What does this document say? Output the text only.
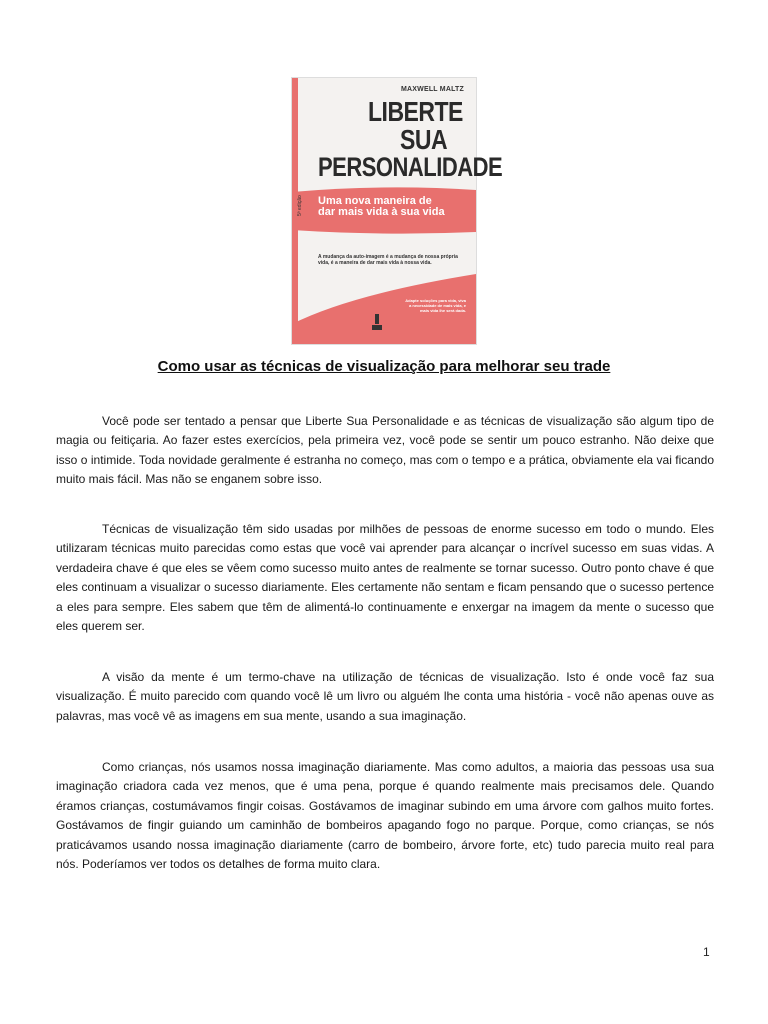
MAXWELL MALTZ
LIBERTE
SUA
PERSONALIDADE
Uma nova maneira de
dar mais vida à sua vida
5ª edição
A mudança da auto-imagem é a mudança de nossa própria vida, é a maneira de dar mais vida à nossa vida.
Adapte soluções para vida, viva a necessidade de mais vida, e mais vida lhe será dada.
Como usar as técnicas de visualização para melhorar seu trade

Você pode ser tentado a pensar que Liberte Sua Personalidade e as técnicas de visualização são algum tipo de magia ou feitiçaria. Ao fazer estes exercícios, pela primeira vez, você pode se sentir um pouco estranho. Não deixe que isso o intimide. Toda novidade geralmente é estranha no começo, mas com o tempo e a prática, obviamente ela vai ficando muito mais fácil. Mas não se enganem sobre isso.

Técnicas de visualização têm sido usadas por milhões de pessoas de enorme sucesso em todo o mundo. Eles utilizaram técnicas muito parecidas como estas que você vai aprender para alcançar o incrível sucesso em suas vidas. A verdadeira chave é que eles se vêem como sucesso muito antes de realmente se tornar sucesso. Outro ponto chave é que eles continuam a visualizar o sucesso diariamente. Eles certamente não sentam e ficam pensando que o sucesso pertence a eles para sempre. Eles sabem que têm de alimentá-lo continuamente e enxergar na imagem da mente o sucesso que eles querem ser.

A visão da mente é um termo-chave na utilização de técnicas de visualização. Isto é onde você faz sua visualização. É muito parecido com quando você lê um livro ou alguém lhe conta uma história - você não apenas ouve as palavras, mas você vê as imagens em sua mente, usando a sua imaginação.

Como crianças, nós usamos nossa imaginação diariamente. Mas como adultos, a maioria das pessoas usa sua imaginação criadora cada vez menos, que é uma pena, porque é quando realmente mais precisamos dele. Quando éramos crianças, costumávamos fingir coisas. Gostávamos de imaginar subindo em uma árvore com galhos muito fortes. Gostávamos de fingir guiando um caminhão de bombeiros apagando fogo no parque. Porque, como crianças, se nós praticávamos usando nossa imaginação diariamente (carro de bombeiro, árvore forte, etc) tudo parecia muito real para nós. Poderíamos ver todos os detalhes de forma muito clara.

1
